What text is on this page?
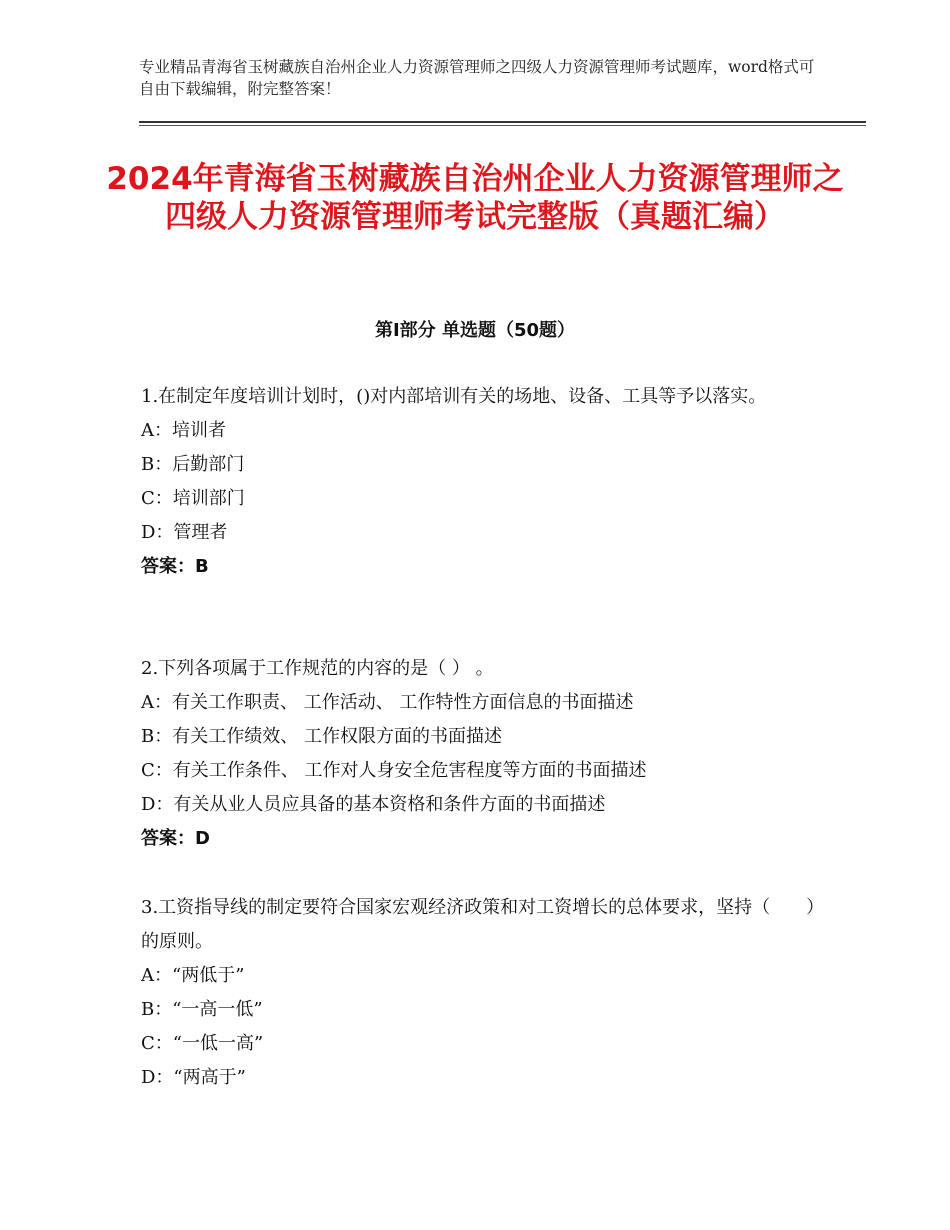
专业精品青海省玉树藏族自治州企业人力资源管理师之四级人力资源管理师考试题库，word格式可自由下载编辑，附完整答案！
2024年青海省玉树藏族自治州企业人力资源管理师之四级人力资源管理师考试完整版（真题汇编）
第Ⅰ部分 单选题（50题）
1.在制定年度培训计划时，()对内部培训有关的场地、设备、工具等予以落实。
A：培训者
B：后勤部门
C：培训部门
D：管理者
答案：B
2.下列各项属于工作规范的内容的是（ ） 。
A：有关工作职责、 工作活动、 工作特性方面信息的书面描述
B：有关工作绩效、 工作权限方面的书面描述
C：有关工作条件、 工作对人身安全危害程度等方面的书面描述
D：有关从业人员应具备的基本资格和条件方面的书面描述
答案：D
3.工资指导线的制定要符合国家宏观经济政策和对工资增长的总体要求，坚持（　　）的原则。
A：“两低于”
B：“一高一低”
C：“一低一高”
D：“两高于”
